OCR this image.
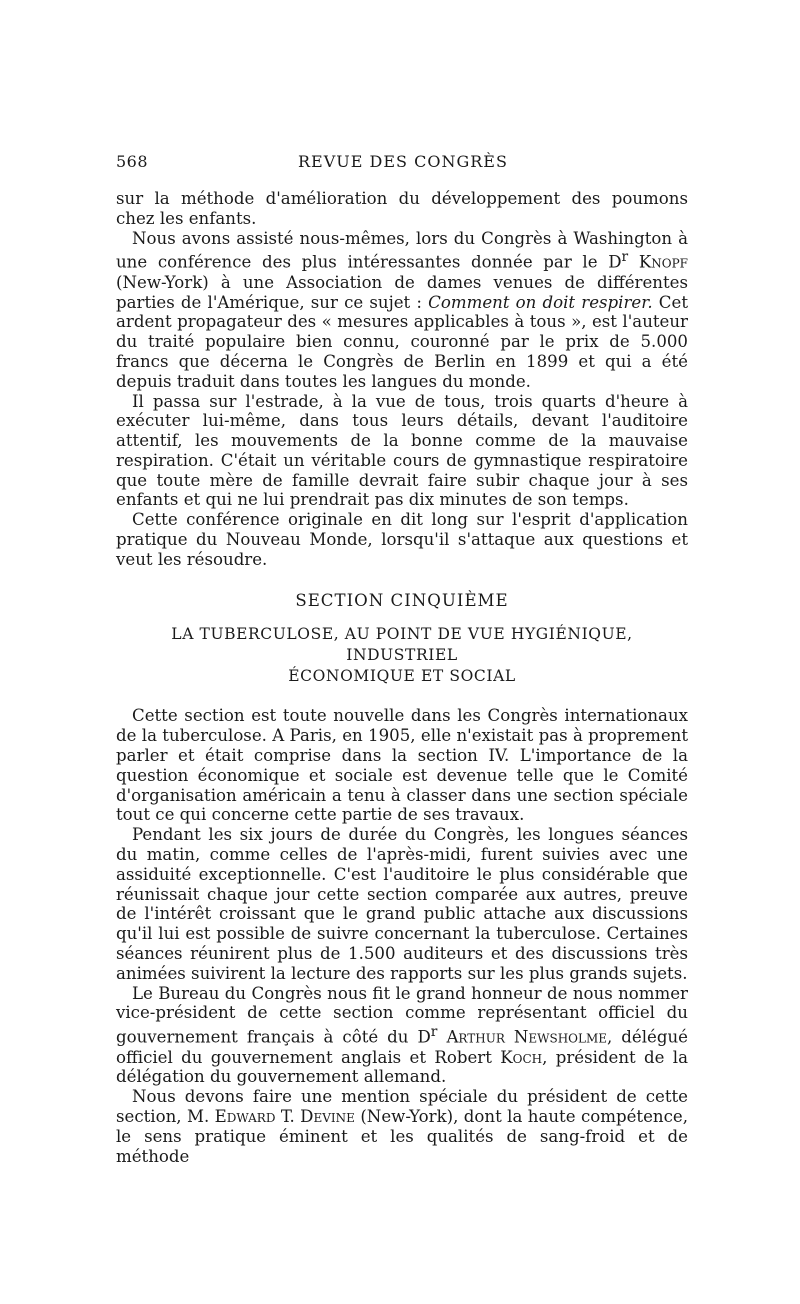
568	REVUE DES CONGRÈS

sur la méthode d'amélioration du développement des poumons chez les enfants.

Nous avons assisté nous-mêmes, lors du Congrès à Washington à une conférence des plus intéressantes donnée par le $D^r$ Knopf (New-York) à une Association de dames venues de différentes parties de l'Amérique, sur ce sujet : Comment on doit respirer. Cet ardent propagateur des « mesures applicables à tous », est l'auteur du traité populaire bien connu, couronné par le prix de 5.000 francs que décerna le Congrès de Berlin en 1899 et qui a été depuis traduit dans toutes les langues du monde.

Il passa sur l'estrade, à la vue de tous, trois quarts d'heure à exécuter lui-même, dans tous leurs détails, devant l'auditoire attentif, les mouvements de la bonne comme de la mauvaise respiration. C'était un véritable cours de gymnastique respiratoire que toute mère de famille devrait faire subir chaque jour à ses enfants et qui ne lui prendrait pas dix minutes de son temps.

Cette conférence originale en dit long sur l'esprit d'application pratique du Nouveau Monde, lorsqu'il s'attaque aux questions et veut les résoudre.

SECTION CINQUIÈME
LA TUBERCULOSE, AU POINT DE VUE HYGIÉNIQUE, INDUSTRIEL
ÉCONOMIQUE ET SOCIAL

Cette section est toute nouvelle dans les Congrès internationaux de la tuberculose. A Paris, en 1905, elle n'existait pas à proprement parler et était comprise dans la section IV. L'importance de la question économique et sociale est devenue telle que le Comité d'organisation américain a tenu à classer dans une section spéciale tout ce qui concerne cette partie de ses travaux.

Pendant les six jours de durée du Congrès, les longues séances du matin, comme celles de l'après-midi, furent suivies avec une assiduité exceptionnelle. C'est l'auditoire le plus considérable que réunissait chaque jour cette section comparée aux autres, preuve de l'intérêt croissant que le grand public attache aux discussions qu'il lui est possible de suivre concernant la tuberculose. Certaines séances réunirent plus de 1.500 auditeurs et des discussions très animées suivirent la lecture des rapports sur les plus grands sujets.

Le Bureau du Congrès nous fit le grand honneur de nous nommer vice-président de cette section comme représentant officiel du gouvernement français à côté du $D^r$ Arthur Newsholme, délégué officiel du gouvernement anglais et Robert Koch, président de la délégation du gouvernement allemand.

Nous devons faire une mention spéciale du président de cette section, M. Edward T. Devine (New-York), dont la haute compétence, le sens pratique éminent et les qualités de sang-froid et de méthode
